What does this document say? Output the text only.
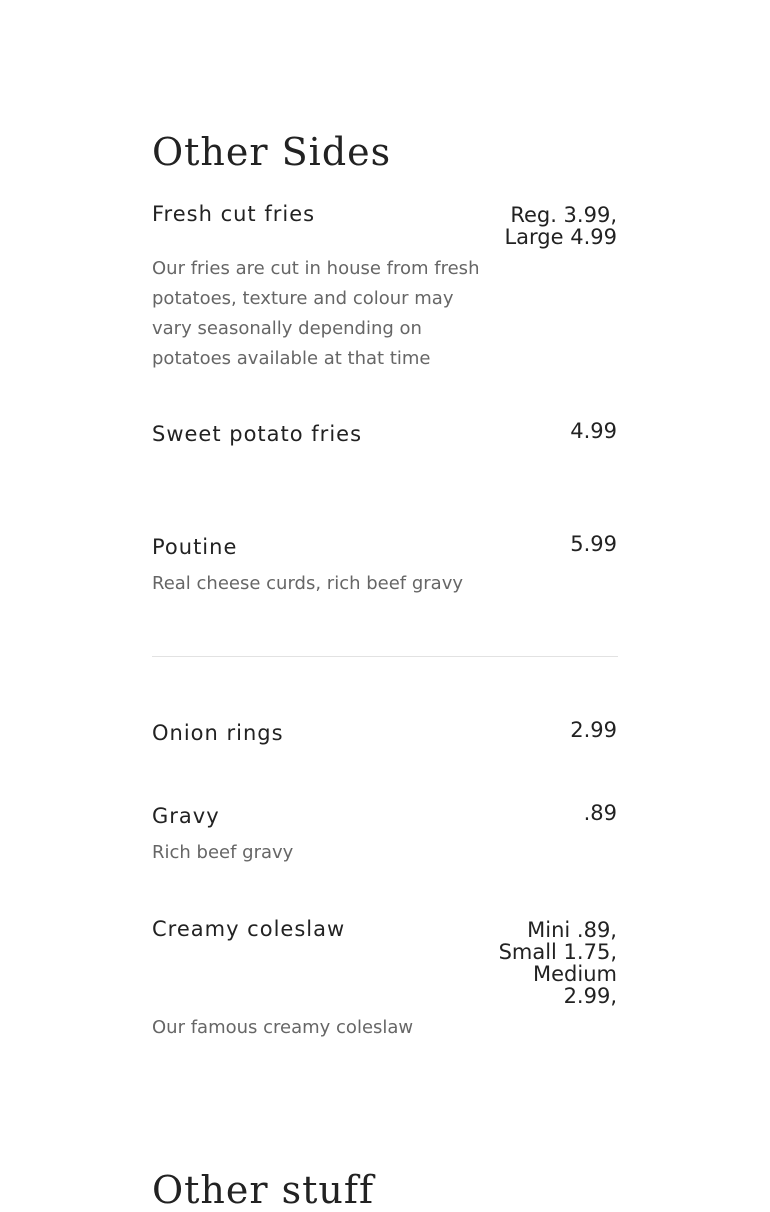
Other Sides
Fresh cut fries	Reg. 3.99, Large 4.99
Our fries are cut in house from fresh potatoes, texture and colour may vary seasonally depending on potatoes available at that time
Sweet potato fries	4.99
Poutine	5.99
Real cheese curds, rich beef gravy
Onion rings	2.99
Gravy	.89
Rich beef gravy
Creamy coleslaw	Mini .89, Small 1.75, Medium 2.99,
Our famous creamy coleslaw
Other stuff
